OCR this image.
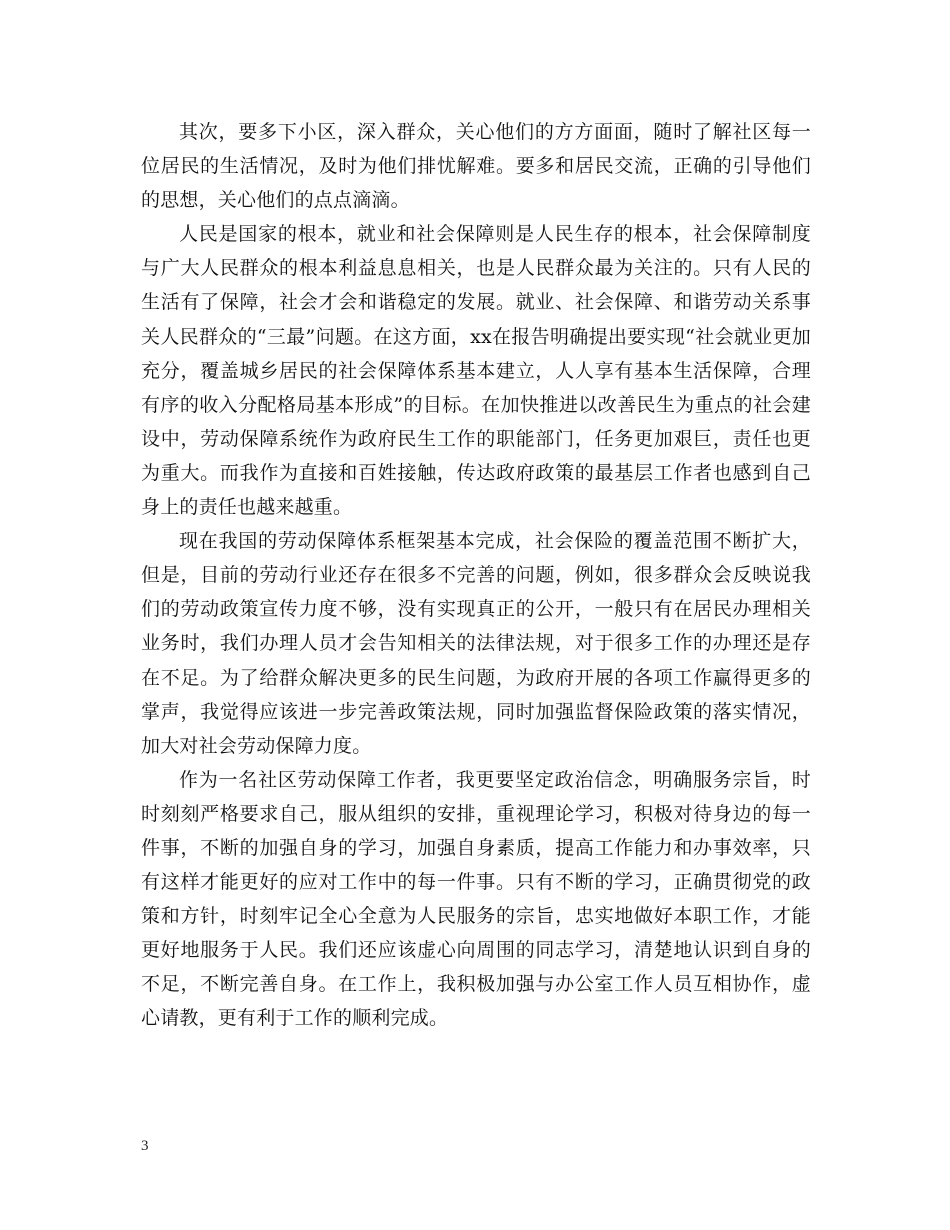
其次，要多下小区，深入群众，关心他们的方方面面，随时了解社区每一位居民的生活情况，及时为他们排忧解难。要多和居民交流，正确的引导他们的思想，关心他们的点点滴滴。

人民是国家的根本，就业和社会保障则是人民生存的根本，社会保障制度与广大人民群众的根本利益息息相关，也是人民群众最为关注的。只有人民的生活有了保障，社会才会和谐稳定的发展。就业、社会保障、和谐劳动关系事关人民群众的“三最”问题。在这方面，xx在报告明确提出要实现“社会就业更加充分，覆盖城乡居民的社会保障体系基本建立，人人享有基本生活保障，合理有序的收入分配格局基本形成”的目标。在加快推进以改善民生为重点的社会建设中，劳动保障系统作为政府民生工作的职能部门，任务更加艰巨，责任也更为重大。而我作为直接和百姓接触，传达政府政策的最基层工作者也感到自己身上的责任也越来越重。

现在我国的劳动保障体系框架基本完成，社会保险的覆盖范围不断扩大，但是，目前的劳动行业还存在很多不完善的问题，例如，很多群众会反映说我们的劳动政策宣传力度不够，没有实现真正的公开，一般只有在居民办理相关业务时，我们办理人员才会告知相关的法律法规，对于很多工作的办理还是存在不足。为了给群众解决更多的民生问题，为政府开展的各项工作赢得更多的掌声，我觉得应该进一步完善政策法规，同时加强监督保险政策的落实情况，加大对社会劳动保障力度。

作为一名社区劳动保障工作者，我更要坚定政治信念，明确服务宗旨，时时刻刻严格要求自己，服从组织的安排，重视理论学习，积极对待身边的每一件事，不断的加强自身的学习，加强自身素质，提高工作能力和办事效率，只有这样才能更好的应对工作中的每一件事。只有不断的学习，正确贯彻党的政策和方针，时刻牢记全心全意为人民服务的宗旨，忠实地做好本职工作，才能更好地服务于人民。我们还应该虚心向周围的同志学习，清楚地认识到自身的不足，不断完善自身。在工作上，我积极加强与办公室工作人员互相协作，虚心请教，更有利于工作的顺利完成。

3
